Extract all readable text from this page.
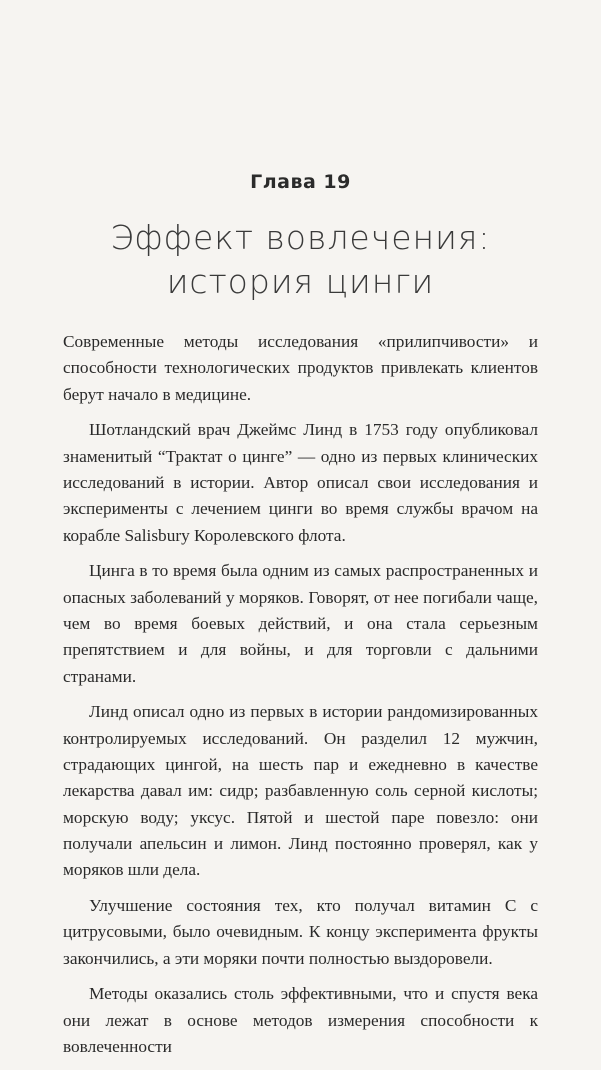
Глава 19
Эффект вовлечения:
история цинги

Современные методы исследования «прилипчивости» и способности технологических продуктов привлекать клиентов берут начало в медицине.

Шотландский врач Джеймс Линд в 1753 году опубликовал знаменитый “Трактат о цинге” — одно из первых клинических исследований в истории. Автор описал свои исследования и эксперименты с лечением цинги во время службы врачом на корабле Salisbury Королевского флота.

Цинга в то время была одним из самых распространенных и опасных заболеваний у моряков. Говорят, от нее погибали чаще, чем во время боевых действий, и она стала серьезным препятствием и для войны, и для торговли с дальними странами.

Линд описал одно из первых в истории рандомизированных контролируемых исследований. Он разделил 12 мужчин, страдающих цингой, на шесть пар и ежедневно в качестве лекарства давал им: сидр; разбавленную соль серной кислоты; морскую воду; уксус. Пятой и шестой паре повезло: они получали апельсин и лимон. Линд постоянно проверял, как у моряков шли дела.

Улучшение состояния тех, кто получал витамин С с цитрусовыми, было очевидным. К концу эксперимента фрукты закончились, а эти моряки почти полностью выздоровели.

Методы оказались столь эффективными, что и спустя века они лежат в основе методов измерения способности к вовлеченности
